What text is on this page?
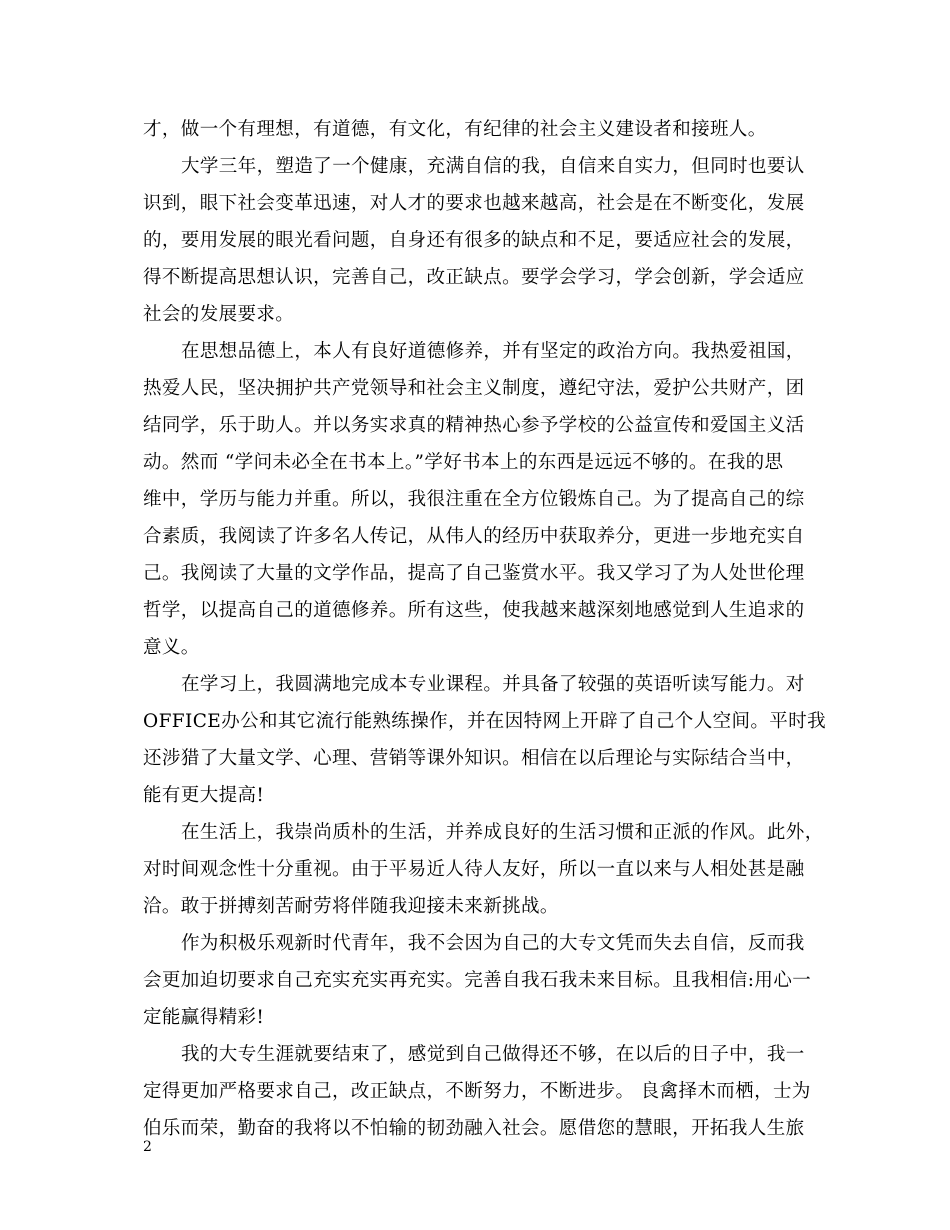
才，做一个有理想，有道德，有文化，有纪律的社会主义建设者和接班人。
大学三年，塑造了一个健康，充满自信的我，自信来自实力，但同时也要认
识到，眼下社会变革迅速，对人才的要求也越来越高，社会是在不断变化，发展
的，要用发展的眼光看问题，自身还有很多的缺点和不足，要适应社会的发展，
得不断提高思想认识，完善自己，改正缺点。要学会学习，学会创新，学会适应
社会的发展要求。
在思想品德上，本人有良好道德修养，并有坚定的政治方向。我热爱祖国，
热爱人民，坚决拥护共产党领导和社会主义制度，遵纪守法，爱护公共财产，团
结同学，乐于助人。并以务实求真的精神热心参予学校的公益宣传和爱国主义活
动。然而 “学问未必全在书本上。”学好书本上的东西是远远不够的。在我的思
维中，学历与能力并重。所以，我很注重在全方位锻炼自己。为了提高自己的综
合素质，我阅读了许多名人传记，从伟人的经历中获取养分，更进一步地充实自
己。我阅读了大量的文学作品，提高了自己鉴赏水平。我又学习了为人处世伦理
哲学，以提高自己的道德修养。所有这些，使我越来越深刻地感觉到人生追求的
意义。
在学习上，我圆满地完成本专业课程。并具备了较强的英语听读写能力。对
OFFICE办公和其它流行能熟练操作，并在因特网上开辟了自己个人空间。平时我
还涉猎了大量文学、心理、营销等课外知识。相信在以后理论与实际结合当中，
能有更大提高!
在生活上，我崇尚质朴的生活，并养成良好的生活习惯和正派的作风。此外，
对时间观念性十分重视。由于平易近人待人友好，所以一直以来与人相处甚是融
洽。敢于拼搏刻苦耐劳将伴随我迎接未来新挑战。
作为积极乐观新时代青年，我不会因为自己的大专文凭而失去自信，反而我
会更加迫切要求自己充实充实再充实。完善自我石我未来目标。且我相信:用心一
定能赢得精彩!
我的大专生涯就要结束了，感觉到自己做得还不够，在以后的日子中，我一
定得更加严格要求自己，改正缺点，不断努力，不断进步。 良禽择木而栖，士为
伯乐而荣，勤奋的我将以不怕输的韧劲融入社会。愿借您的慧眼，开拓我人生旅
2
